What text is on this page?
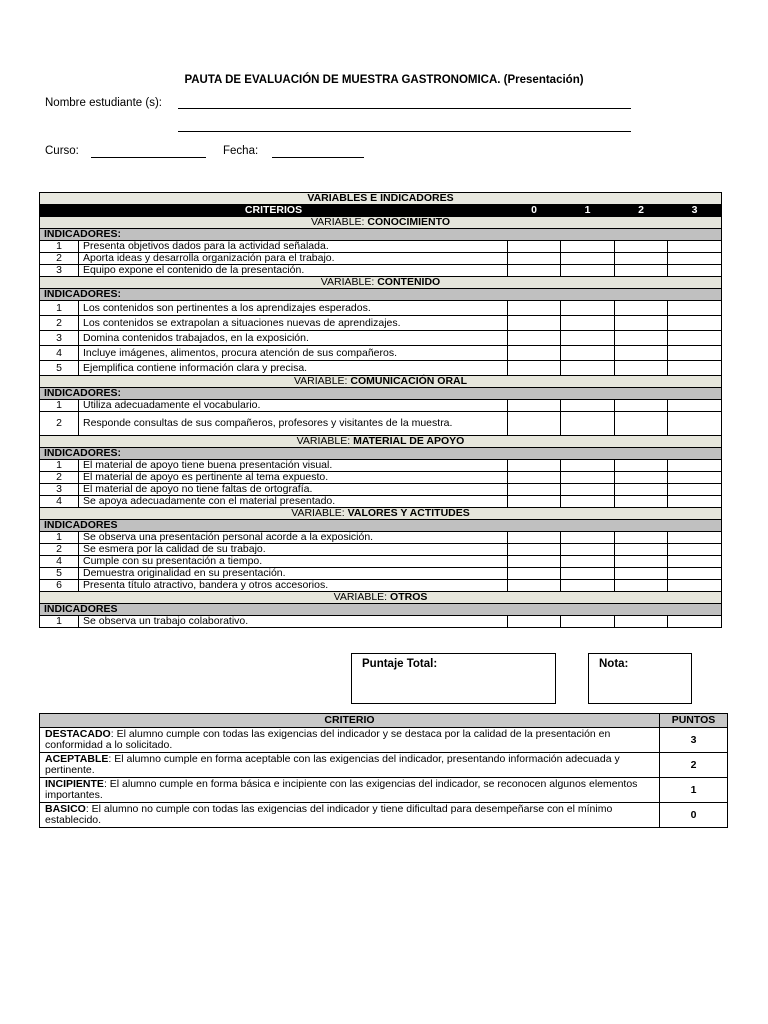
PAUTA DE EVALUACIÓN DE MUESTRA GASTRONOMICA. (Presentación)
Nombre estudiante (s):
Curso:	Fecha:
VARIABLES E INDICADORES					
CRITERIOS		0	1	2	3
VARIABLE: CONOCIMIENTO					
INDICADORES:					
1	Presenta objetivos dados para la actividad señalada.				
2	Aporta ideas y desarrolla organización para el trabajo.				
3	Equipo expone el contenido de la presentación.				
VARIABLE: CONTENIDO					
INDICADORES:					
1	Los contenidos son pertinentes a los aprendizajes esperados.				
2	Los contenidos se extrapolan a situaciones nuevas de aprendizajes.				
3	Domina contenidos trabajados, en la exposición.				
4	Incluye imágenes, alimentos, procura atención de sus compañeros.				
5	Ejemplifica contiene información clara y precisa.				
VARIABLE: COMUNICACIÓN ORAL					
INDICADORES:					
1	Utiliza adecuadamente el vocabulario.				
2	Responde consultas de sus compañeros, profesores y visitantes de la muestra.				
VARIABLE: MATERIAL DE APOYO					
INDICADORES:					
1	El material de apoyo tiene buena presentación visual.				
2	El material de apoyo es pertinente al tema expuesto.				
3	El material de apoyo no tiene faltas de ortografía.				
4	Se apoya adecuadamente con el material presentado.				
VARIABLE: VALORES Y ACTITUDES					
INDICADORES					
1	Se observa una presentación personal acorde a la exposición.				
2	Se esmera por la calidad de su trabajo.				
4	Cumple con su presentación a tiempo.				
5	Demuestra originalidad en su presentación.				
6	Presenta título atractivo, bandera y otros accesorios.				
VARIABLE: OTROS					
INDICADORES					
1	Se observa un trabajo colaborativo.				
Puntaje Total:	Nota:
CRITERIO	PUNTOS
DESTACADO: El alumno cumple con todas las exigencias del indicador y se destaca por la calidad de la presentación en conformidad a lo solicitado.	3
ACEPTABLE: El alumno cumple en forma aceptable con las exigencias del indicador, presentando información adecuada y pertinente.	2
INCIPIENTE: El alumno cumple en forma básica e incipiente con las exigencias del indicador, se reconocen algunos elementos importantes.	1
BASICO: El alumno no cumple con todas las exigencias del indicador y tiene dificultad para desempeñarse con el mínimo establecido.	0
